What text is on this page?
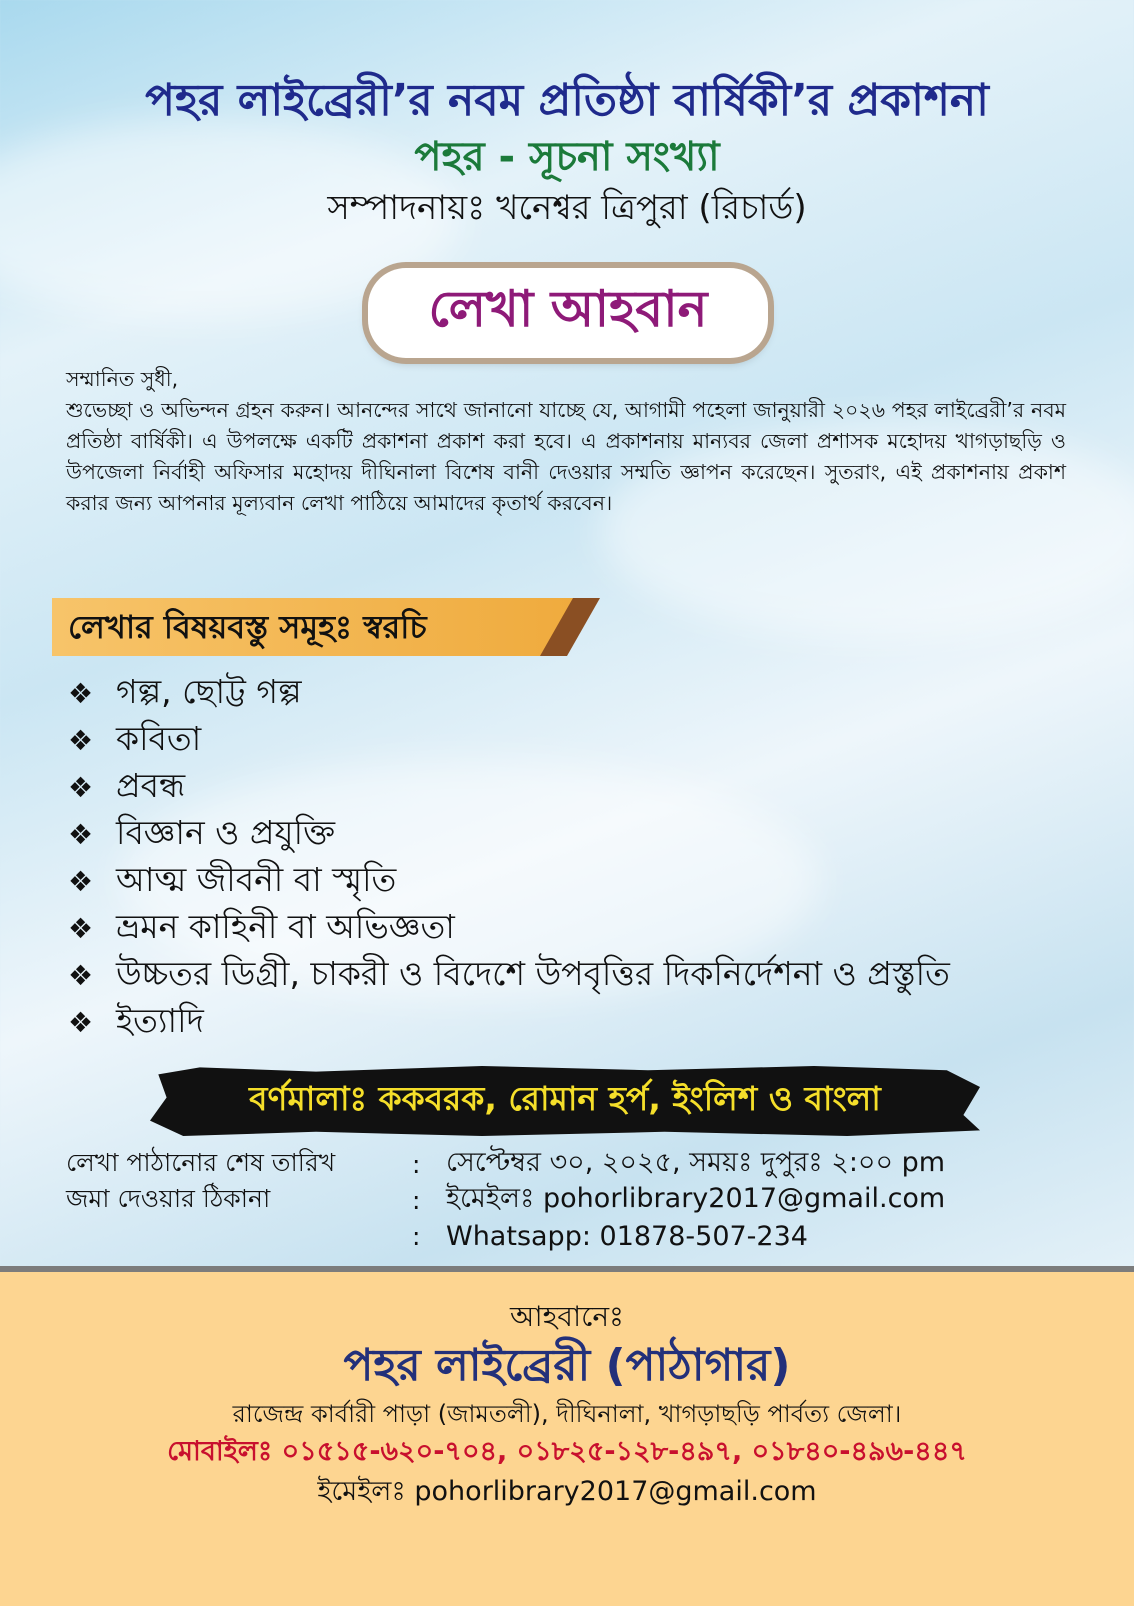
পহর লাইব্রেরী’র নবম প্রতিষ্ঠা বার্ষিকী’র প্রকাশনা
পহর - সূচনা সংখ্যা
সম্পাদনায়ঃ খনেশ্বর ত্রিপুরা (রিচার্ড)
লেখা আহবান

সম্মানিত সুধী,

শুভেচ্ছা ও অভিন্দন গ্রহন করুন। আনন্দের সাথে জানানো যাচ্ছে যে, আগামী পহেলা জানুয়ারী ২০২৬ পহর লাইব্রেরী’র নবম প্রতিষ্ঠা বার্ষিকী। এ উপলক্ষে একটি প্রকাশনা প্রকাশ করা হবে। এ প্রকাশনায় মান্যবর জেলা প্রশাসক মহোদয় খাগড়াছড়ি ও উপজেলা নির্বাহী অফিসার মহোদয় দীঘিনালা বিশেষ বানী দেওয়ার সম্মতি জ্ঞাপন করেছেন। সুতরাং, এই প্রকাশনায় প্রকাশ করার জন্য আপনার মূল্যবান লেখা পাঠিয়ে আমাদের কৃতার্থ করবেন।

লেখার বিষয়বস্তু সমূহঃ স্বরচি
❖ গল্প, ছোট্ট গল্প
❖ কবিতা
❖ প্রবন্ধ
❖ বিজ্ঞান ও প্রযুক্তি
❖ আত্ম জীবনী বা স্মৃতি
❖ ভ্রমন কাহিনী বা অভিজ্ঞতা
❖ উচ্চতর ডিগ্রী, চাকরী ও বিদেশে উপবৃত্তির দিকনির্দেশনা ও প্রস্তুতি
❖ ইত্যাদি
বর্ণমালাঃ ককবরক, রোমান হর্প, ইংলিশ ও বাংলা
লেখা পাঠানোর শেষ তারিখ	: সেপ্টেম্বর ৩০, ২০২৫, সময়ঃ দুপুরঃ ২:০০ pm
জমা দেওয়ার ঠিকানা	: ইমেইলঃ pohorlibrary2017@gmail.com
: Whatsapp: 01878-507-234
আহবানেঃ
পহর লাইব্রেরী (পাঠাগার)
রাজেন্দ্র কার্বারী পাড়া (জামতলী), দীঘিনালা, খাগড়াছড়ি পার্বত্য জেলা।
মোবাইলঃ ০১৫১৫-৬২০-৭০৪, ০১৮২৫-১২৮-৪৯৭, ০১৮৪০-৪৯৬-৪৪৭
ইমেইলঃ pohorlibrary2017@gmail.com
